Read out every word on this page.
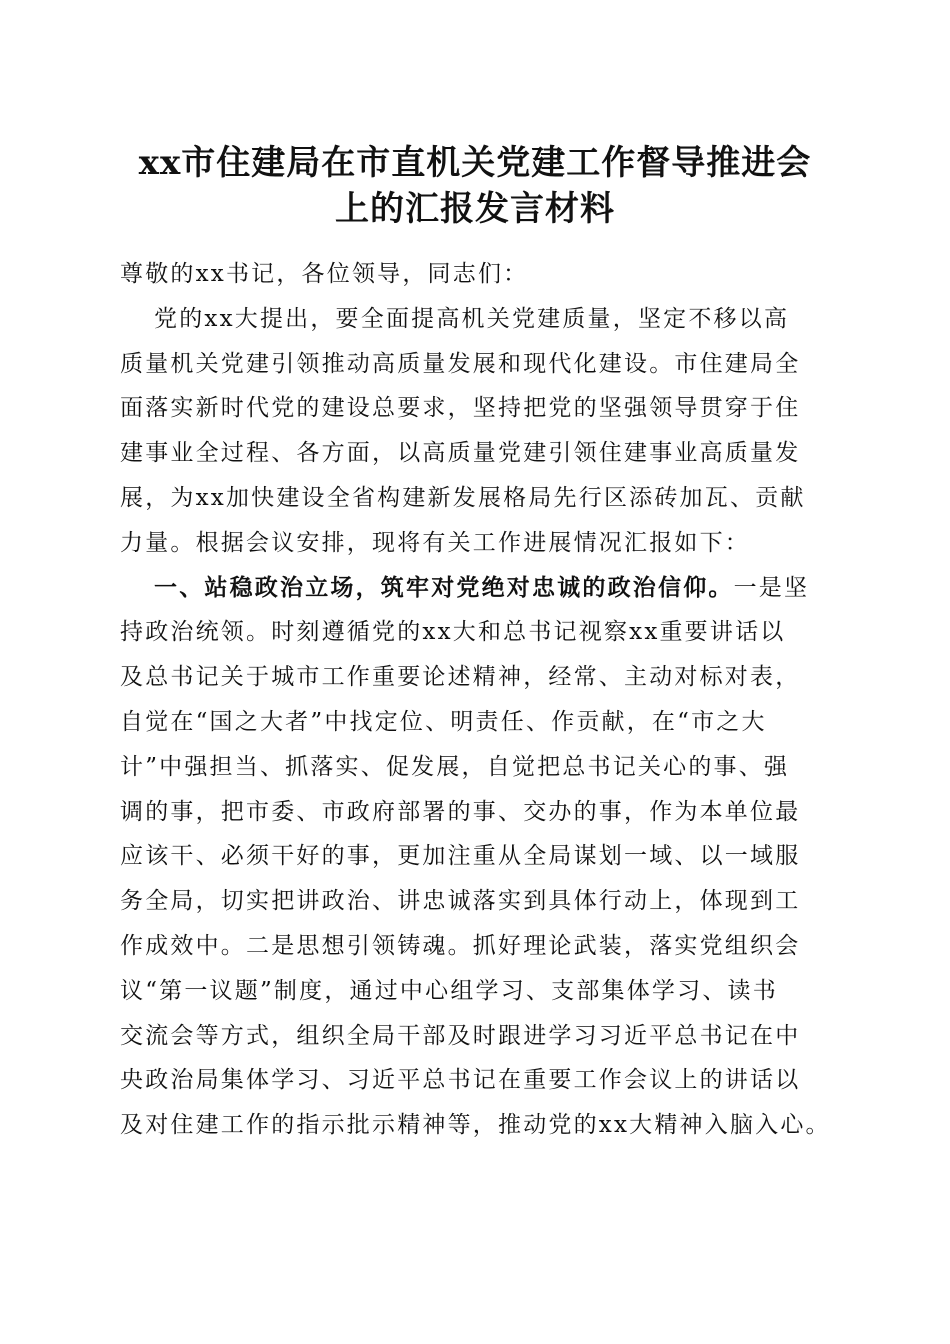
xx市住建局在市直机关党建工作督导推进会
上的汇报发言材料
尊敬的xx书记，各位领导，同志们：
党的xx大提出，要全面提高机关党建质量，坚定不移以高
质量机关党建引领推动高质量发展和现代化建设。市住建局全
面落实新时代党的建设总要求，坚持把党的坚强领导贯穿于住
建事业全过程、各方面，以高质量党建引领住建事业高质量发
展，为xx加快建设全省构建新发展格局先行区添砖加瓦、贡献
力量。根据会议安排，现将有关工作进展情况汇报如下：
一、站稳政治立场，筑牢对党绝对忠诚的政治信仰。一是坚
持政治统领。时刻遵循党的xx大和总书记视察xx重要讲话以
及总书记关于城市工作重要论述精神，经常、主动对标对表，
自觉在“国之大者”中找定位、明责任、作贡献，在“市之大
计”中强担当、抓落实、促发展，自觉把总书记关心的事、强
调的事，把市委、市政府部署的事、交办的事，作为本单位最
应该干、必须干好的事，更加注重从全局谋划一域、以一域服
务全局，切实把讲政治、讲忠诚落实到具体行动上，体现到工
作成效中。二是思想引领铸魂。抓好理论武装，落实党组织会
议“第一议题”制度，通过中心组学习、支部集体学习、读书
交流会等方式，组织全局干部及时跟进学习习近平总书记在中
央政治局集体学习、习近平总书记在重要工作会议上的讲话以
及对住建工作的指示批示精神等，推动党的xx大精神入脑入心。
